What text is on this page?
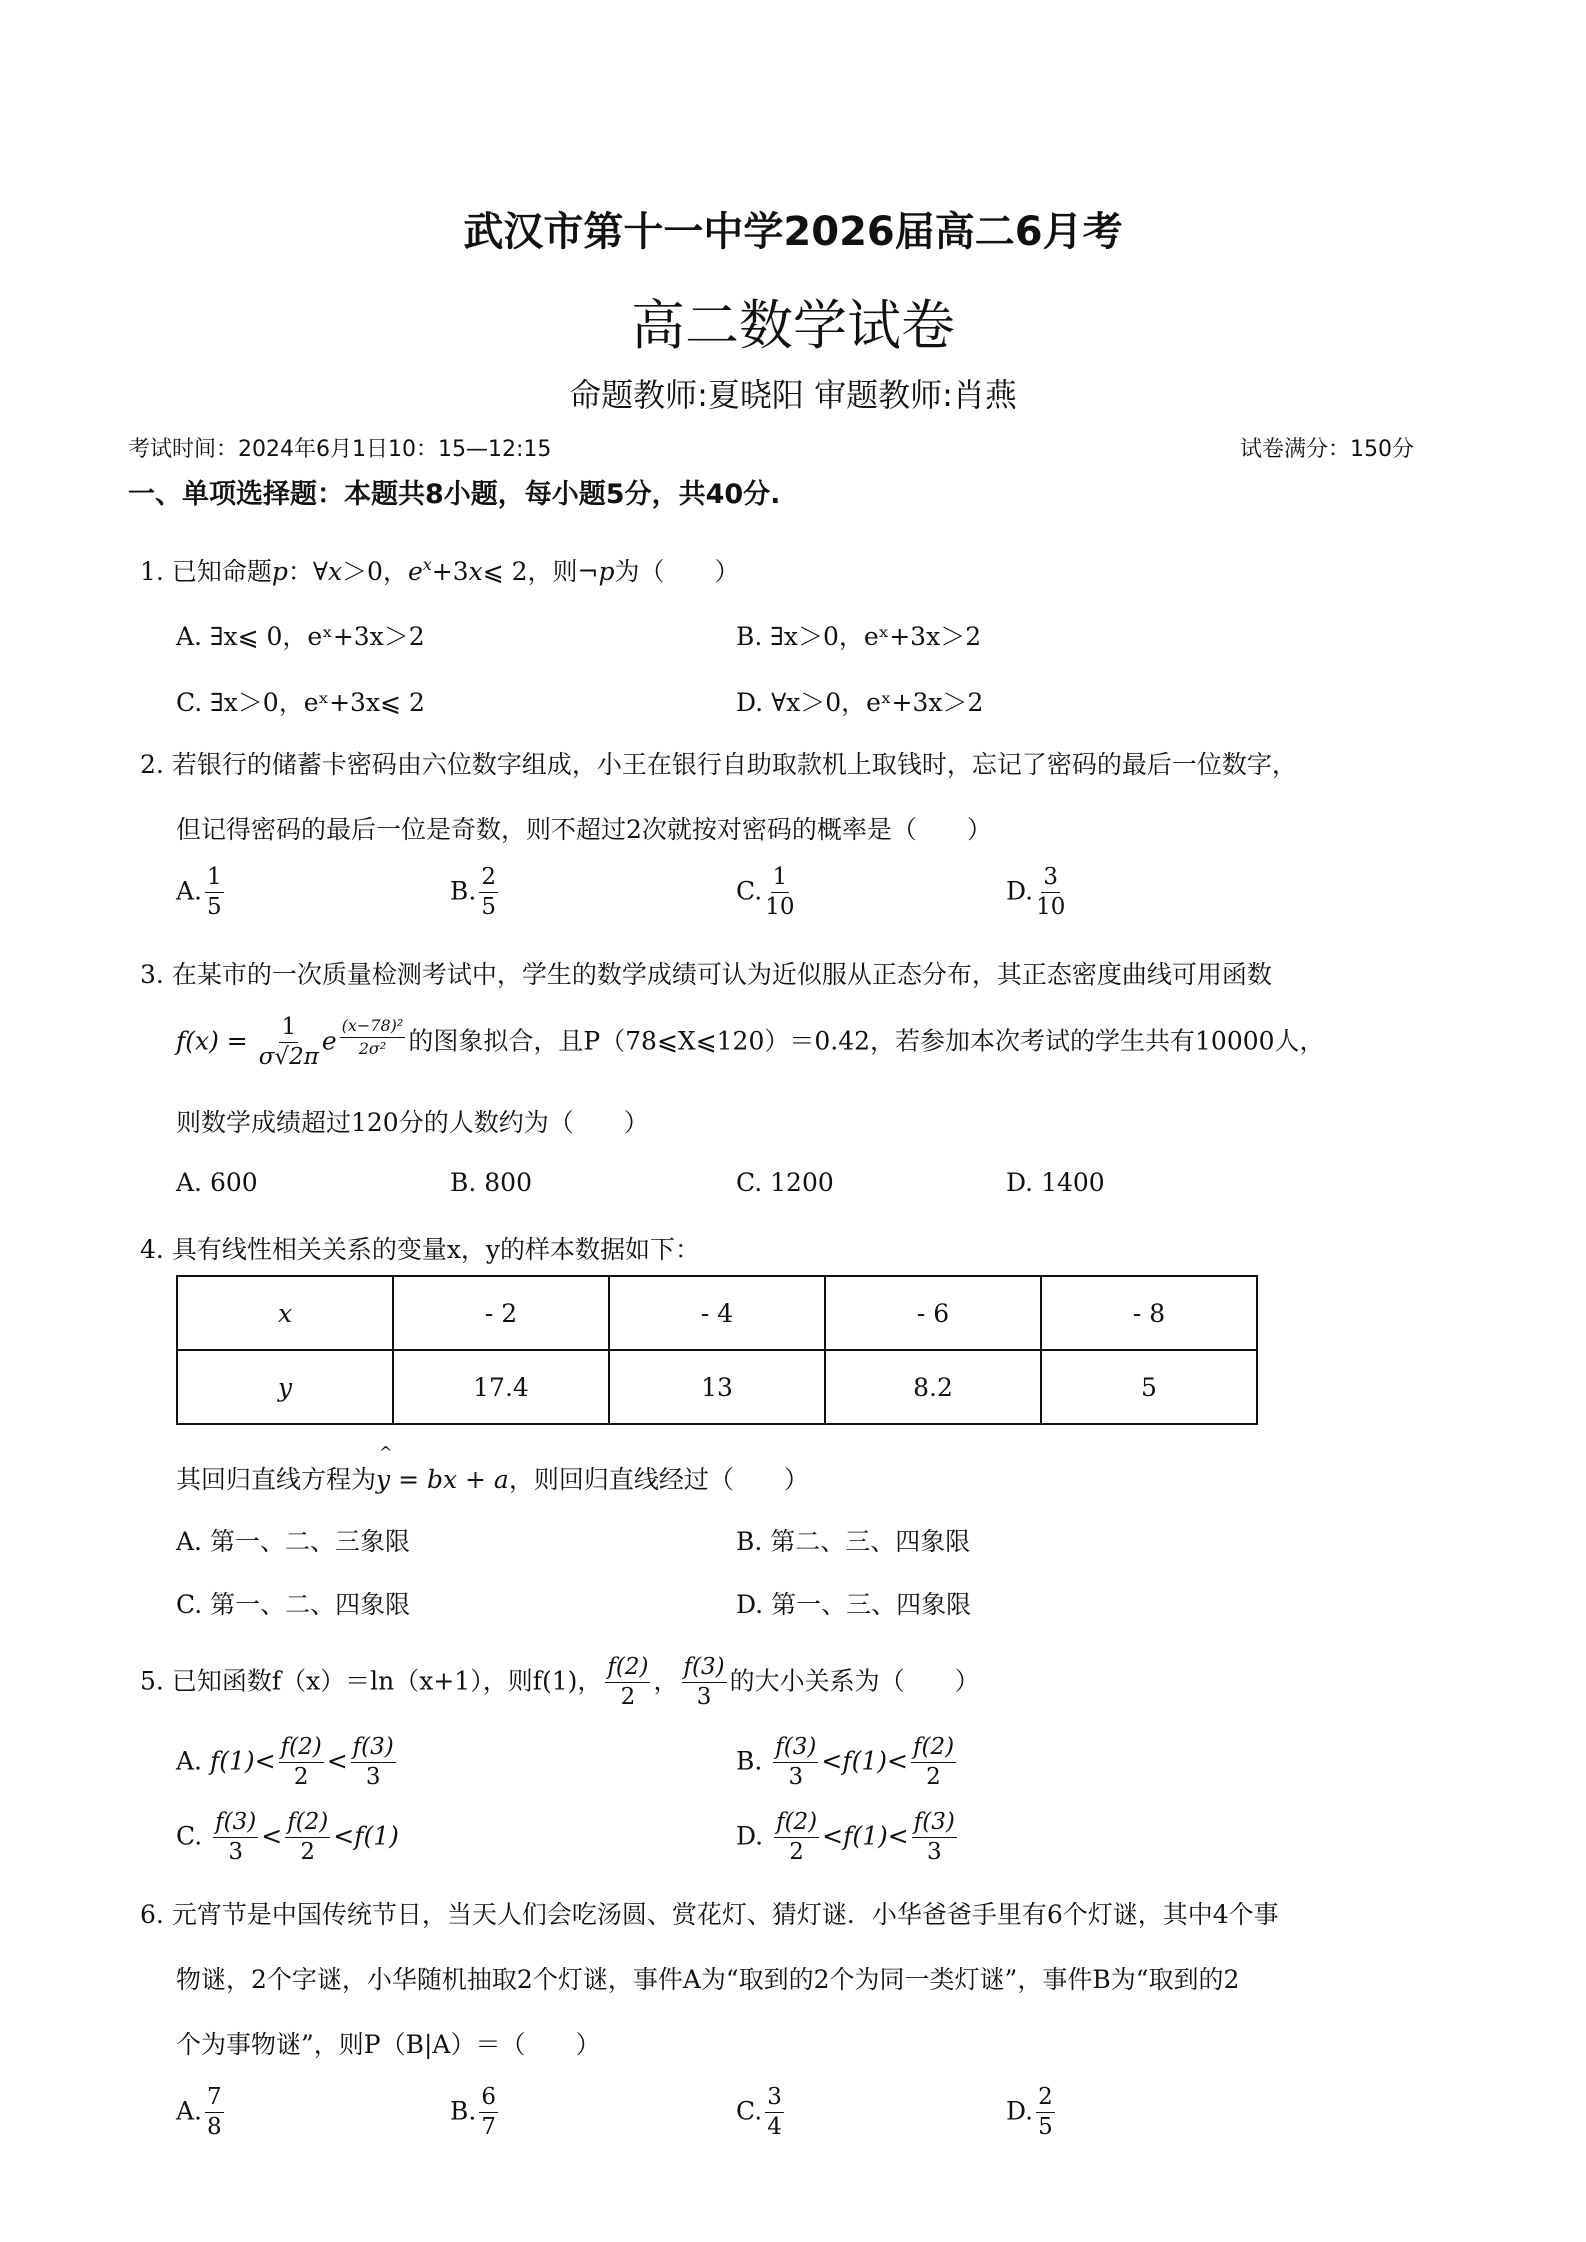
武汉市第十一中学2026届高二6月考
高二数学试卷
命题教师:夏晓阳 审题教师:肖燕
考试时间：2024年6月1日10：15—12:15	试卷满分：150分
一、单项选择题：本题共8小题，每小题5分，共40分.
1. 已知命题p：∀x＞0，$e^x+3x⩽$ 2，则¬p为（　　）
A. ∃x⩽ 0，eˣ+3x＞2	B. ∃x＞0，eˣ+3x＞2
C. ∃x＞0，eˣ+3x⩽ 2	D. ∀x＞0，eˣ+3x＞2
2. 若银行的储蓄卡密码由六位数字组成，小王在银行自助取款机上取钱时，忘记了密码的最后一位数字，
但记得密码的最后一位是奇数，则不超过2次就按对密码的概率是（　　）
A. $\frac{1}{5}$	B. $\frac{2}{5}$	C. $\frac{1}{10}$	D. $\frac{3}{10}$
3. 在某市的一次质量检测考试中，学生的数学成绩可认为近似服从正态分布，其正态密度曲线可用函数
$f(x) = \frac{1}{\sigma√2\pi}$ e $\frac{\text{(x−78)²}}{\text{2σ²}}$ 的图象拟合，且P（78⩽X⩽120）＝0.42，若参加本次考试的学生共有10000人，
则数学成绩超过120分的人数约为（　　）
A. 600	B. 800	C. 1200	D. 1400
4. 具有线性相关关系的变量x，y的样本数据如下：
x	- 2	- 4	- 6	- 8
y	17.4	13	8.2	5
其回归直线方程为^ y = bx + a，则回归直线经过（　　）
A. 第一、二、三象限	B. 第二、三、四象限
C. 第一、二、四象限	D. 第一、三、四象限
5. 已知函数f（x）＝ln（x+1），则f(1)， $\frac{f(2)}{2}$ ， $\frac{f(3)}{3}$ 的大小关系为（　　）
A. $f(1)< \frac{f(2)}{2} < \frac{f(3)}{3}$	B. $\frac{f(3)}{3} <f(1)< \frac{f(2)}{2}$
C. $\frac{f(3)}{3} < \frac{f(2)}{2} <f(1)$	D. $\frac{f(2)}{2} <f(1)< \frac{f(3)}{3}$
6. 元宵节是中国传统节日，当天人们会吃汤圆、赏花灯、猜灯谜．小华爸爸手里有6个灯谜，其中4个事
物谜，2个字谜，小华随机抽取2个灯谜，事件A为“取到的2个为同一类灯谜”，事件B为“取到的2
个为事物谜”，则P（B|A）＝（　　）
A. $\frac{7}{8}$	B. $\frac{6}{7}$	C. $\frac{3}{4}$	D. $\frac{2}{5}$
